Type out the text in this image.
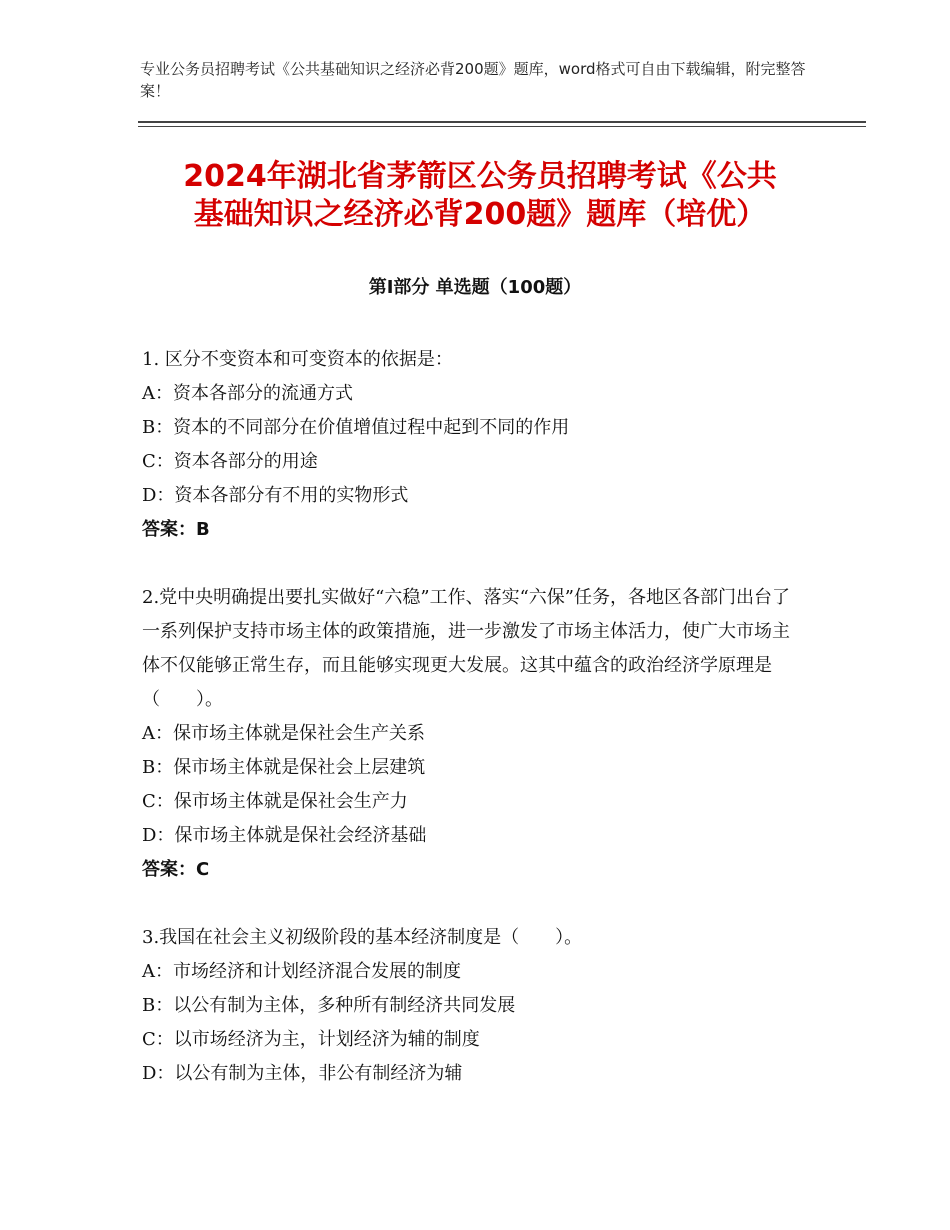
专业公务员招聘考试《公共基础知识之经济必背200题》题库，word格式可自由下载编辑，附完整答案！
2024年湖北省茅箭区公务员招聘考试《公共
基础知识之经济必背200题》题库（培优）
第Ⅰ部分 单选题（100题）
1. 区分不变资本和可变资本的依据是：
A：资本各部分的流通方式
B：资本的不同部分在价值增值过程中起到不同的作用
C：资本各部分的用途
D：资本各部分有不用的实物形式
答案：B
2.党中央明确提出要扎实做好“六稳”工作、落实“六保”任务，各地区各部门出台了一系列保护支持市场主体的政策措施，进一步激发了市场主体活力，使广大市场主体不仅能够正常生存，而且能够实现更大发展。这其中蕴含的政治经济学原理是（　　）。
A：保市场主体就是保社会生产关系
B：保市场主体就是保社会上层建筑
C：保市场主体就是保社会生产力
D：保市场主体就是保社会经济基础
答案：C
3.我国在社会主义初级阶段的基本经济制度是（　　）。
A：市场经济和计划经济混合发展的制度
B：以公有制为主体，多种所有制经济共同发展
C：以市场经济为主，计划经济为辅的制度
D：以公有制为主体，非公有制经济为辅
